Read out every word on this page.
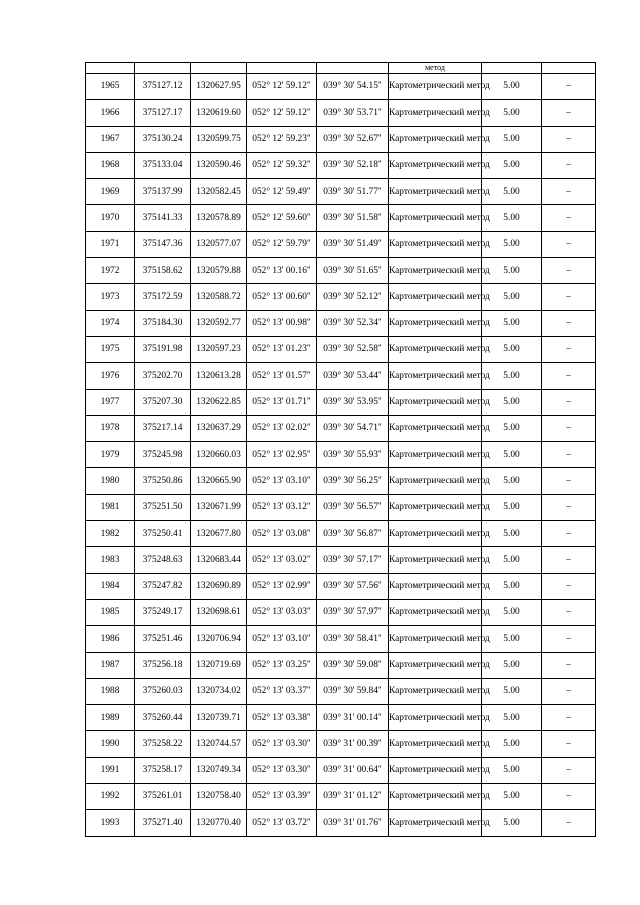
					метод		
1965	375127.12	1320627.95	052° 12' 59.12"	039° 30' 54.15"	Картометрический метод	5.00	–
1966	375127.17	1320619.60	052° 12' 59.12"	039° 30' 53.71"	Картометрический метод	5.00	–
1967	375130.24	1320599.75	052° 12' 59.23"	039° 30' 52.67"	Картометрический метод	5.00	–
1968	375133.04	1320590.46	052° 12' 59.32"	039° 30' 52.18"	Картометрический метод	5.00	–
1969	375137.99	1320582.45	052° 12' 59.49"	039° 30' 51.77"	Картометрический метод	5.00	–
1970	375141.33	1320578.89	052° 12' 59.60"	039° 30' 51.58"	Картометрический метод	5.00	–
1971	375147.36	1320577.07	052° 12' 59.79"	039° 30' 51.49"	Картометрический метод	5.00	–
1972	375158.62	1320579.88	052° 13' 00.16"	039° 30' 51.65"	Картометрический метод	5.00	–
1973	375172.59	1320588.72	052° 13' 00.60"	039° 30' 52.12"	Картометрический метод	5.00	–
1974	375184.30	1320592.77	052° 13' 00.98"	039° 30' 52.34"	Картометрический метод	5.00	–
1975	375191.98	1320597.23	052° 13' 01.23"	039° 30' 52.58"	Картометрический метод	5.00	–
1976	375202.70	1320613.28	052° 13' 01.57"	039° 30' 53.44"	Картометрический метод	5.00	–
1977	375207.30	1320622.85	052° 13' 01.71"	039° 30' 53.95"	Картометрический метод	5.00	–
1978	375217.14	1320637.29	052° 13' 02.02"	039° 30' 54.71"	Картометрический метод	5.00	–
1979	375245.98	1320660.03	052° 13' 02.95"	039° 30' 55.93"	Картометрический метод	5.00	–
1980	375250.86	1320665.90	052° 13' 03.10"	039° 30' 56.25"	Картометрический метод	5.00	–
1981	375251.50	1320671.99	052° 13' 03.12"	039° 30' 56.57"	Картометрический метод	5.00	–
1982	375250.41	1320677.80	052° 13' 03.08"	039° 30' 56.87"	Картометрический метод	5.00	–
1983	375248.63	1320683.44	052° 13' 03.02"	039° 30' 57.17"	Картометрический метод	5.00	–
1984	375247.82	1320690.89	052° 13' 02.99"	039° 30' 57.56"	Картометрический метод	5.00	–
1985	375249.17	1320698.61	052° 13' 03.03"	039° 30' 57.97"	Картометрический метод	5.00	–
1986	375251.46	1320706.94	052° 13' 03.10"	039° 30' 58.41"	Картометрический метод	5.00	–
1987	375256.18	1320719.69	052° 13' 03.25"	039° 30' 59.08"	Картометрический метод	5.00	–
1988	375260.03	1320734.02	052° 13' 03.37"	039° 30' 59.84"	Картометрический метод	5.00	–
1989	375260.44	1320739.71	052° 13' 03.38"	039° 31' 00.14"	Картометрический метод	5.00	–
1990	375258.22	1320744.57	052° 13' 03.30"	039° 31' 00.39"	Картометрический метод	5.00	–
1991	375258.17	1320749.34	052° 13' 03.30"	039° 31' 00.64"	Картометрический метод	5.00	–
1992	375261.01	1320758.40	052° 13' 03.39"	039° 31' 01.12"	Картометрический метод	5.00	–
1993	375271.40	1320770.40	052° 13' 03.72"	039° 31' 01.76"	Картометрический метод	5.00	–
